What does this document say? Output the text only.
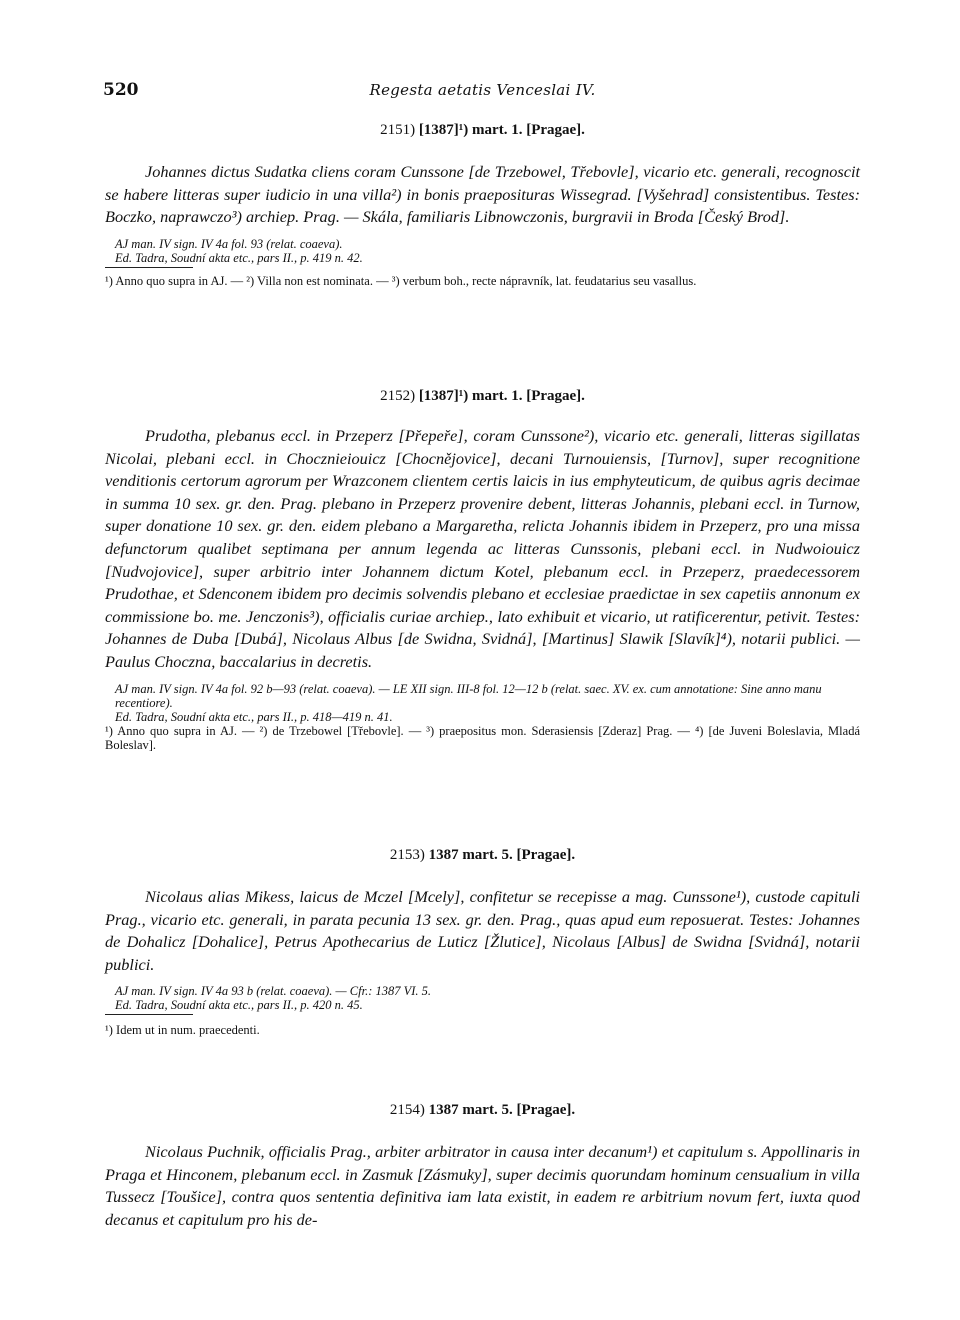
520	Regesta aetatis Venceslai IV.
2151) [1387]¹) mart. 1. [Pragae].

Johannes dictus Sudatka cliens coram Cunssone [de Trzebowel, Třebovle], vicario etc. generali, recognoscit se habere litteras super iudicio in una villa²) in bonis praeposituras Wissegrad. [Vyšehrad] consistentibus. Testes: Boczko, naprawczo³) archiep. Prag. — Skála, familiaris Libnowczonis, burgravii in Broda [Český Brod].

AJ man. IV sign. IV 4a fol. 93 (relat. coaeva).

Ed. Tadra, Soudní akta etc., pars II., p. 419 n. 42.

¹) Anno quo supra in AJ. — ²) Villa non est nominata. — ³) verbum boh., recte nápravník, lat. feudatarius seu vasallus.

2152) [1387]¹) mart. 1. [Pragae].

Prudotha, plebanus eccl. in Przeperz [Přepeře], coram Cunssone²), vicario etc. generali, litteras sigillatas Nicolai, plebani eccl. in Chocznieiouicz [Chocnějovice], decani Turnouiensis, [Turnov], super recognitione venditionis certorum agrorum per Wrazconem clientem certis laicis in ius emphyteuticum, de quibus agris decimae in summa 10 sex. gr. den. Prag. plebano in Przeperz provenire debent, litteras Johannis, plebani eccl. in Turnow, super donatione 10 sex. gr. den. eidem plebano a Margaretha, relicta Johannis ibidem in Przeperz, pro una missa defunctorum qualibet septimana per annum legenda ac litteras Cunssonis, plebani eccl. in Nudwoiouicz [Nudvojovice], super arbitrio inter Johannem dictum Kotel, plebanum eccl. in Przeperz, praedecessorem Prudothae, et Sdenconem ibidem pro decimis solvendis plebano et ecclesiae praedictae in sex capetiis annonum ex commissione bo. me. Jenczonis³), officialis curiae archiep., lato exhibuit et vicario, ut ratificerentur, petivit. Testes: Johannes de Duba [Dubá], Nicolaus Albus [de Swidna, Svidná], [Martinus] Slawik [Slavík]⁴), notarii publici. — Paulus Choczna, baccalarius in decretis.

AJ man. IV sign. IV 4a fol. 92 b—93 (relat. coaeva). — LE XII sign. III-8 fol. 12—12 b (relat. saec. XV. ex. cum annotatione: Sine anno manu recentiore).

Ed. Tadra, Soudní akta etc., pars II., p. 418—419 n. 41.

¹) Anno quo supra in AJ. — ²) de Trzebowel [Třebovle]. — ³) praepositus mon. Sderasiensis [Zderaz] Prag. — ⁴) [de Juveni Boleslavia, Mladá Boleslav].

2153) 1387 mart. 5. [Pragae].

Nicolaus alias Mikess, laicus de Mczel [Mcely], confitetur se recepisse a mag. Cunssone¹), custode capituli Prag., vicario etc. generali, in parata pecunia 13 sex. gr. den. Prag., quas apud eum reposuerat. Testes: Johannes de Dohalicz [Dohalice], Petrus Apothecarius de Luticz [Žlutice], Nicolaus [Albus] de Swidna [Svidná], notarii publici.

AJ man. IV sign. IV 4a 93 b (relat. coaeva). — Cfr.: 1387 VI. 5.

Ed. Tadra, Soudní akta etc., pars II., p. 420 n. 45.

¹) Idem ut in num. praecedenti.

2154) 1387 mart. 5. [Pragae].

Nicolaus Puchnik, officialis Prag., arbiter arbitrator in causa inter decanum¹) et capitulum s. Appollinaris in Praga et Hinconem, plebanum eccl. in Zasmuk [Zásmuky], super decimis quorundam hominum censualium in villa Tussecz [Toušice], contra quos sententia definitiva iam lata existit, in eadem re arbitrium novum fert, iuxta quod decanus et capitulum pro his de-
